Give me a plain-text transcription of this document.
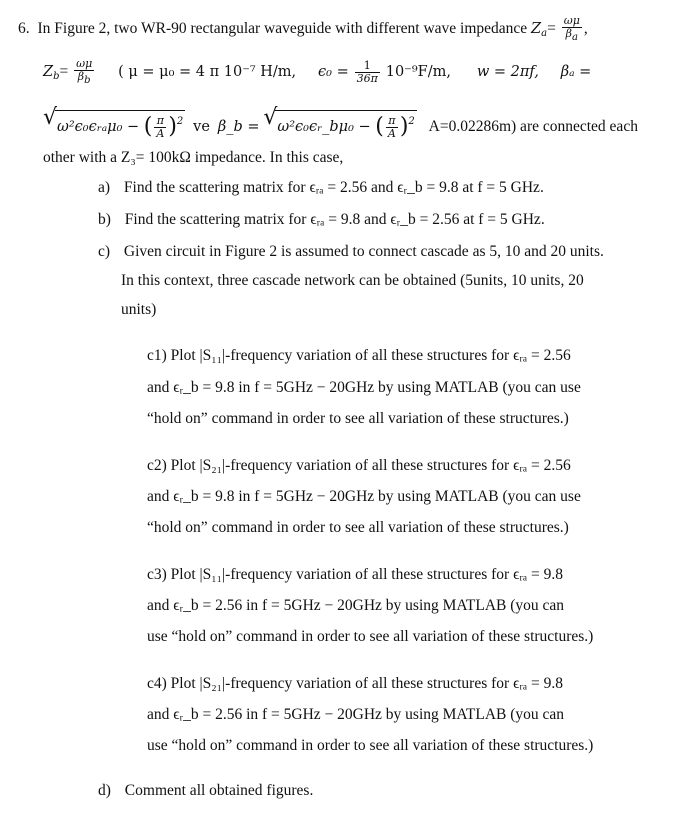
6. In Figure 2, two WR-90 rectangular waveguide with different wave impedance $Z_a= \frac{\omega\mu}{\beta_a}$ ,
$Z_b= \frac{\omega\mu}{\beta_b}$ ( μ = μ₀ = 4 π 10⁻⁷ H/m, $\epsilon_0 = \frac{1}{36\pi} 10^{-9}F/m$, w = 2πf, βₐ =
√ ω²ϵ₀ϵᵣₐμ₀ − ( $\frac{\pi}{A} )^2$ ve β_b = √ ω²ϵ₀ϵᵣ_bμ₀ − ( $\frac{\pi}{A} )^2$ A=0.02286m) are connected each
other with a Z₃= 100kΩ impedance. In this case,
a) Find the scattering matrix for ϵᵣₐ = 2.56 and ϵᵣ_b = 9.8 at f = 5 GHz.
b) Find the scattering matrix for ϵᵣₐ = 9.8 and ϵᵣ_b = 2.56 at f = 5 GHz.
c) Given circuit in Figure 2 is assumed to connect cascade as 5, 10 and 20 units.
In this context, three cascade network can be obtained (5units, 10 units, 20
units)
c1) Plot |S₁₁|-frequency variation of all these structures for ϵᵣₐ = 2.56
and ϵᵣ_b = 9.8 in f = 5GHz − 20GHz by using MATLAB (you can use
“hold on” command in order to see all variation of these structures.)
c2) Plot |S₂₁|-frequency variation of all these structures for ϵᵣₐ = 2.56
and ϵᵣ_b = 9.8 in f = 5GHz − 20GHz by using MATLAB (you can use
“hold on” command in order to see all variation of these structures.)
c3) Plot |S₁₁|-frequency variation of all these structures for ϵᵣₐ = 9.8
and ϵᵣ_b = 2.56 in f = 5GHz − 20GHz by using MATLAB (you can
use “hold on” command in order to see all variation of these structures.)
c4) Plot |S₂₁|-frequency variation of all these structures for ϵᵣₐ = 9.8
and ϵᵣ_b = 2.56 in f = 5GHz − 20GHz by using MATLAB (you can
use “hold on” command in order to see all variation of these structures.)
d) Comment all obtained figures.
